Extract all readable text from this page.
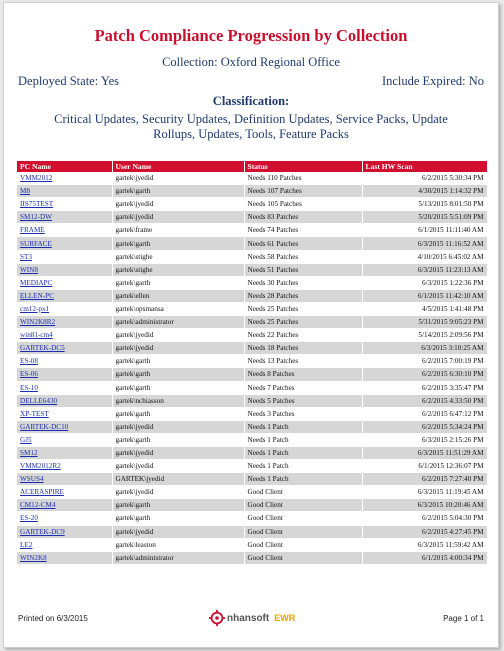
Patch Compliance Progression by Collection
Collection: Oxford Regional Office
Deployed State: Yes	Include Expired: No
Classification:
Critical Updates, Security Updates, Definition Updates, Service Packs, Update Rollups, Updates, Tools, Feature Packs
PC Name	User Name	Status	Last HW Scan
VMM2012	gartek\jyedid	Needs 110 Patches	6/2/2015 5:30:34 PM
M8	gartek\garth	Needs 107 Patches	4/30/2015 1:14:32 PM
IIS75TEST	gartek\jyedid	Needs 105 Patches	5/13/2015 8:01:50 PM
SM12-DW	gartek\jyedid	Needs 83 Patches	5/20/2015 5:51:09 PM
FRAME	gartek\frame	Needs 74 Patches	6/1/2015 11:11:40 AM
SURFACE	gartek\garth	Needs 61 Patches	6/3/2015 11:16:52 AM
ST3	gartek\stighe	Needs 58 Patches	4/10/2015 6:45:02 AM
WIN8	gartek\stighe	Needs 51 Patches	6/3/2015 11:23:13 AM
MEDIAPC	gartek\garth	Needs 30 Patches	6/3/2015 1:22:36 PM
ELLEN-PC	gartek\ellen	Needs 28 Patches	6/1/2015 11:42:10 AM
cm12-px1	gartek\opsmansa	Needs 25 Patches	4/5/2015 1:41:48 PM
WIN2K8R2	gartek\administrator	Needs 25 Patches	5/31/2015 9:05:23 PM
win81-cm4	gartek\jyedid	Needs 22 Patches	5/14/2015 2:09:56 PM
GARTEK-DC5	gartek\jyedid	Needs 18 Patches	6/3/2015 3:10:25 AM
ES-08	gartek\garth	Needs 13 Patches	6/2/2015 7:00:19 PM
ES-06	gartek\garth	Needs 8 Patches	6/2/2015 6:30:10 PM
ES-10	gartek\garth	Needs 7 Patches	6/2/2015 3:35:47 PM
DELLE6430	gartek\nchiasson	Needs 5 Patches	6/2/2015 4:33:50 PM
XP-TEST	gartek\garth	Needs 3 Patches	6/2/2015 6:47:12 PM
GARTEK-DC10	gartek\jyedid	Needs 1 Patch	6/2/2015 5:34:24 PM
GJ5	gartek\garth	Needs 1 Patch	6/3/2015 2:15:26 PM
SM12	gartek\jyedid	Needs 1 Patch	6/3/2015 11:51:29 AM
VMM2012R2	gartek\jyedid	Needs 1 Patch	6/1/2015 12:36:07 PM
WSUS4	GARTEK\jyedid	Needs 1 Patch	6/2/2015 7:27:40 PM
ACERASPIRE	gartek\jyedid	Good Client	6/3/2015 11:19:45 AM
CM12-CM4	gartek\garth	Good Client	6/3/2015 10:20:46 AM
ES-20	gartek\garth	Good Client	6/2/2015 5:04:30 PM
GARTEK-DC9	gartek\jyedid	Good Client	6/2/2015 4:27:45 PM
LE2	gartek\leaston	Good Client	6/3/2015 11:59:42 AM
WIN2K8	gartek\administrator	Good Client	6/1/2015 4:00:34 PM
Printed on 6/3/2015	nhansoft EWR	Page 1 of 1
